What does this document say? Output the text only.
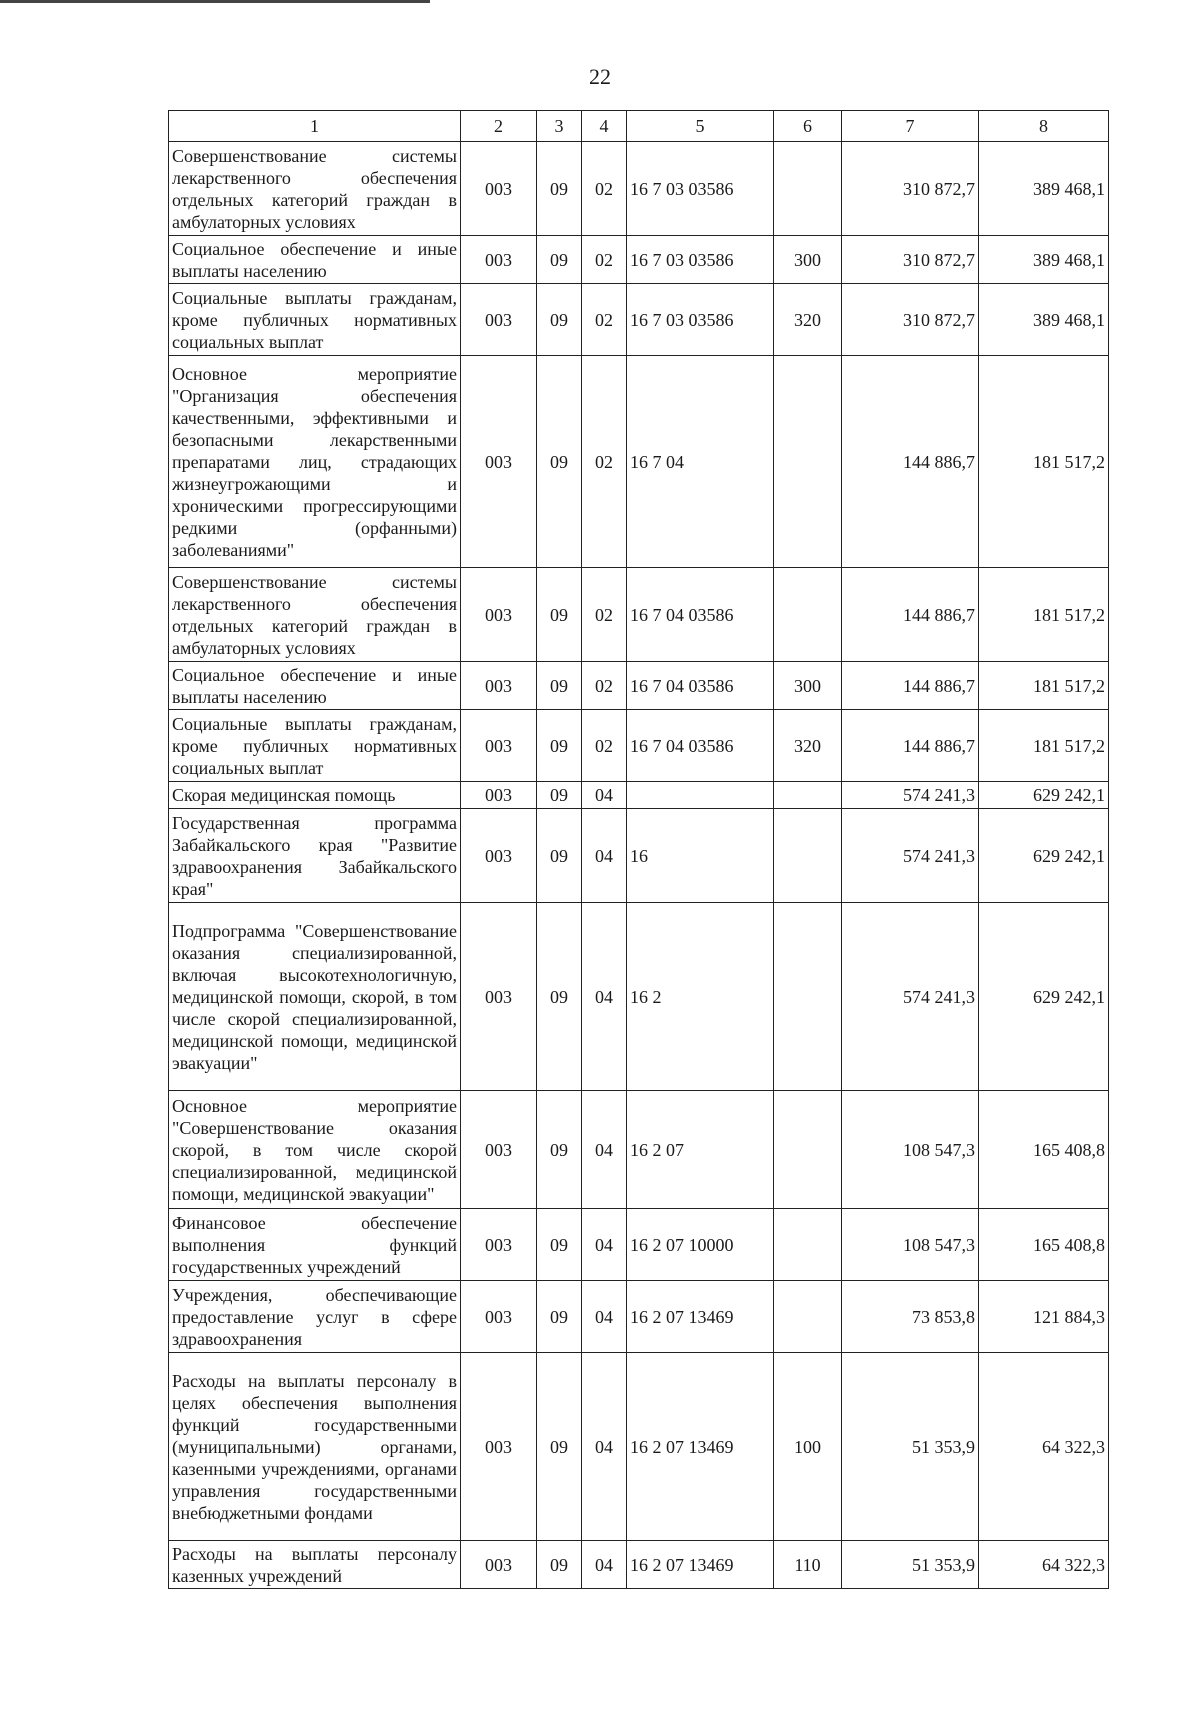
22
1	2	3	4	5	6	7	8
Совершенствование системы лекарственного обеспечения отдельных категорий граждан в амбулаторных условиях	003	09	02	16 7 03 03586		310 872,7	389 468,1
Социальное обеспечение и иные выплаты населению	003	09	02	16 7 03 03586	300	310 872,7	389 468,1
Социальные выплаты гражданам, кроме публичных нормативных социальных выплат	003	09	02	16 7 03 03586	320	310 872,7	389 468,1
Основное мероприятие "Организация обеспечения качественными, эффективными и безопасными лекарственными препаратами лиц, страдающих жизнеугрожающими и хроническими прогрессирующими редкими (орфанными) заболеваниями"	003	09	02	16 7 04		144 886,7	181 517,2
Совершенствование системы лекарственного обеспечения отдельных категорий граждан в амбулаторных условиях	003	09	02	16 7 04 03586		144 886,7	181 517,2
Социальное обеспечение и иные выплаты населению	003	09	02	16 7 04 03586	300	144 886,7	181 517,2
Социальные выплаты гражданам, кроме публичных нормативных социальных выплат	003	09	02	16 7 04 03586	320	144 886,7	181 517,2
Скорая медицинская помощь	003	09	04			574 241,3	629 242,1
Государственная программа Забайкальского края "Развитие здравоохранения Забайкальского края"	003	09	04	16		574 241,3	629 242,1
Подпрограмма "Совершенствование оказания специализированной, включая высокотехнологичную, медицинской помощи, скорой, в том числе скорой специализированной, медицинской помощи, медицинской эвакуации"	003	09	04	16 2		574 241,3	629 242,1
Основное мероприятие "Совершенствование оказания скорой, в том числе скорой специализированной, медицинской помощи, медицинской эвакуации"	003	09	04	16 2 07		108 547,3	165 408,8
Финансовое обеспечение выполнения функций государственных учреждений	003	09	04	16 2 07 10000		108 547,3	165 408,8
Учреждения, обеспечивающие предоставление услуг в сфере здравоохранения	003	09	04	16 2 07 13469		73 853,8	121 884,3
Расходы на выплаты персоналу в целях обеспечения выполнения функций государственными (муниципальными) органами, казенными учреждениями, органами управления государственными внебюджетными фондами	003	09	04	16 2 07 13469	100	51 353,9	64 322,3
Расходы на выплаты персоналу казенных учреждений	003	09	04	16 2 07 13469	110	51 353,9	64 322,3
